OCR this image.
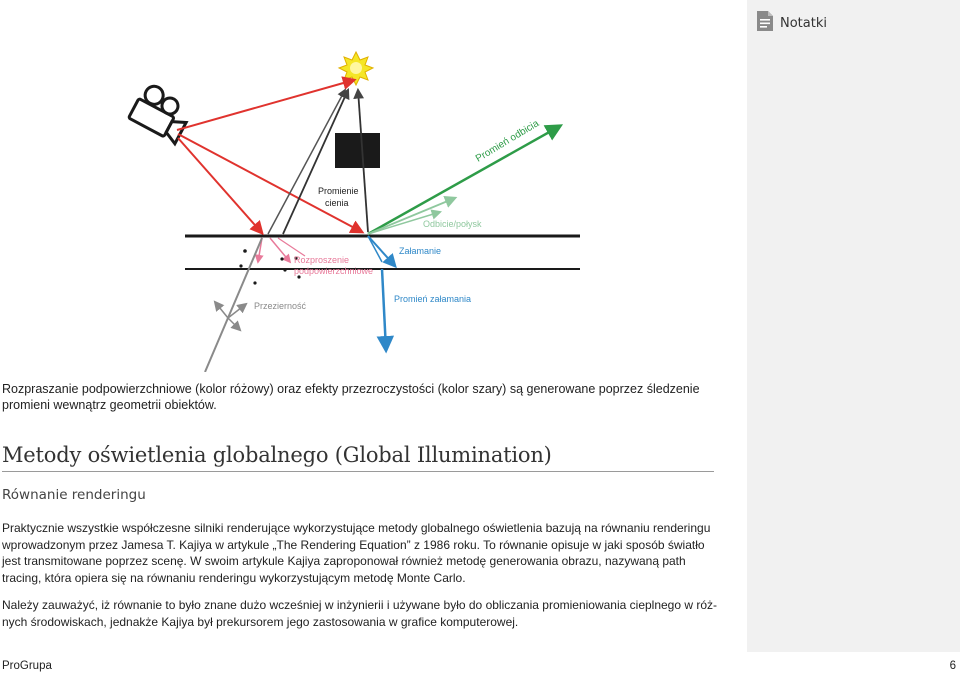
Notatki
Promienie cienia
Promień odbicia
Odbicie/połysk
Załamanie
Rozproszenie podpowierzchniowe
Przezierność
Promień załamania
Rozpraszanie podpowierzchniowe (kolor różowy) oraz efekty przezroczystości (kolor szary) są generowane poprzez śledzenie promieni wewnątrz geometrii obiektów.
Metody oświetlenia globalnego (Global Illumination)
Równanie renderingu

Praktycznie wszystkie współczesne silniki renderujące wykorzystujące metody globalnego oświetlenia bazują na równaniu renderingu wprowadzonym przez Jamesa T. Kajiya w artykule „The Rendering Equation” z 1986 roku. To równanie opisuje w jaki sposób światło jest transmitowane poprzez scenę. W swoim artykule Kajiya zaproponował również metodę generowania obrazu, nazywaną path tracing, która opiera się na równaniu renderingu wykorzystującym metodę Monte Carlo.

Należy zauważyć, iż równanie to było znane dużo wcześniej w inżynierii i używane było do obliczania promieniowania cieplnego w różnych środowiskach, jednakże Kajiya był prekursorem jego zastosowania w grafice komputerowej.

ProGrupa	6
